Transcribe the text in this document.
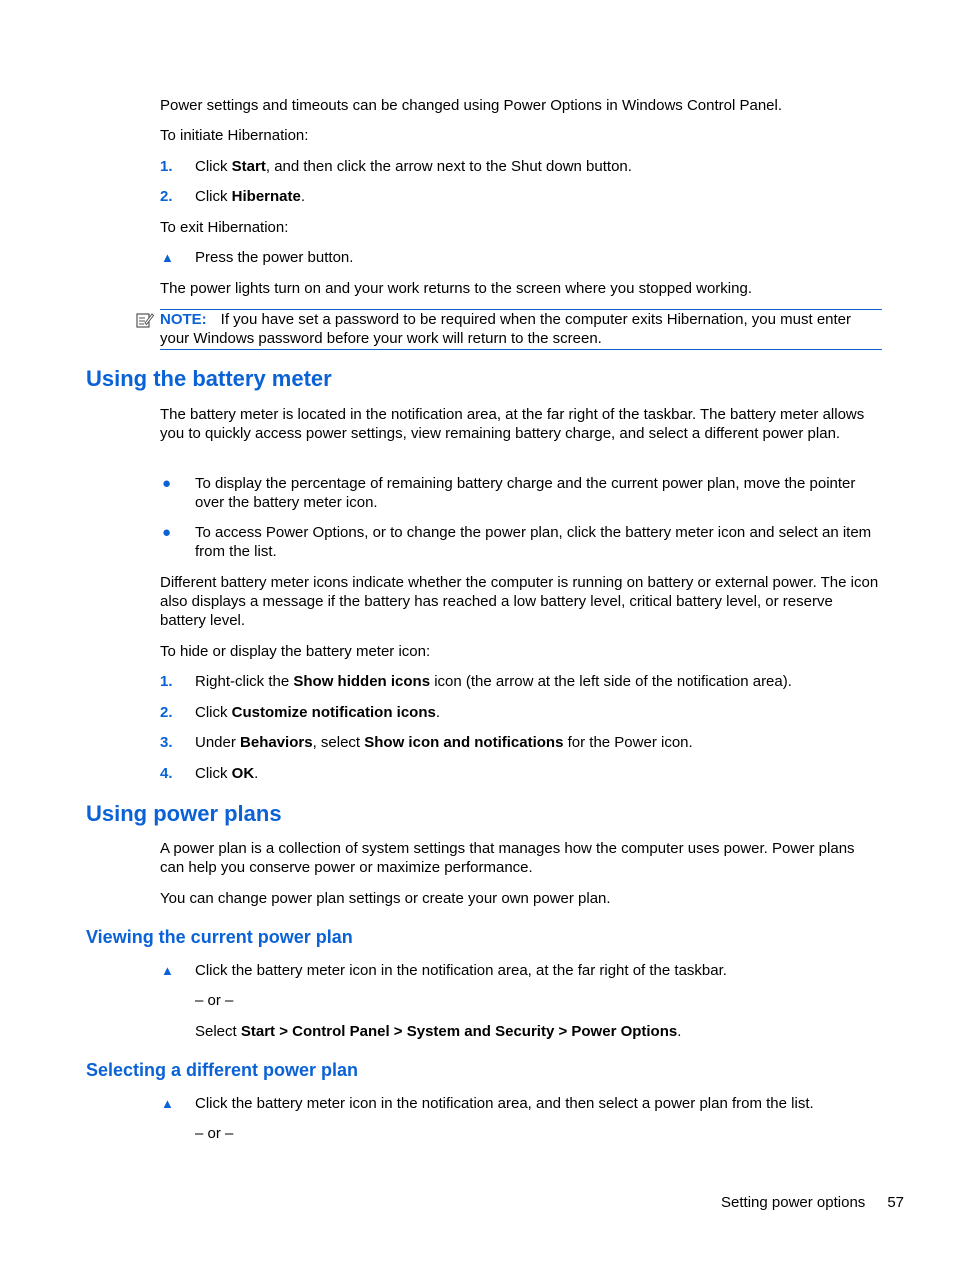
Power settings and timeouts can be changed using Power Options in Windows Control Panel.

To initiate Hibernation:

1.	Click Start, and then click the arrow next to the Shut down button.
2.	Click Hibernate.

To exit Hibernation:

▲	Press the power button.

The power lights turn on and your work returns to the screen where you stopped working.

NOTE: If you have set a password to be required when the computer exits Hibernation, you must enter your Windows password before your work will return to the screen.
Using the battery meter

The battery meter is located in the notification area, at the far right of the taskbar. The battery meter allows you to quickly access power settings, view remaining battery charge, and select a different power plan.

●	To display the percentage of remaining battery charge and the current power plan, move the pointer over the battery meter icon.
●	To access Power Options, or to change the power plan, click the battery meter icon and select an item from the list.

Different battery meter icons indicate whether the computer is running on battery or external power. The icon also displays a message if the battery has reached a low battery level, critical battery level, or reserve battery level.

To hide or display the battery meter icon:

1.	Right-click the Show hidden icons icon (the arrow at the left side of the notification area).
2.	Click Customize notification icons.
3.	Under Behaviors, select Show icon and notifications for the Power icon.
4.	Click OK.
Using power plans

A power plan is a collection of system settings that manages how the computer uses power. Power plans can help you conserve power or maximize performance.

You can change power plan settings or create your own power plan.

Viewing the current power plan
▲	Click the battery meter icon in the notification area, at the far right of the taskbar.
– or –
Select Start > Control Panel > System and Security > Power Options.
Selecting a different power plan
▲	Click the battery meter icon in the notification area, and then select a power plan from the list.
– or –
Setting power options 57
